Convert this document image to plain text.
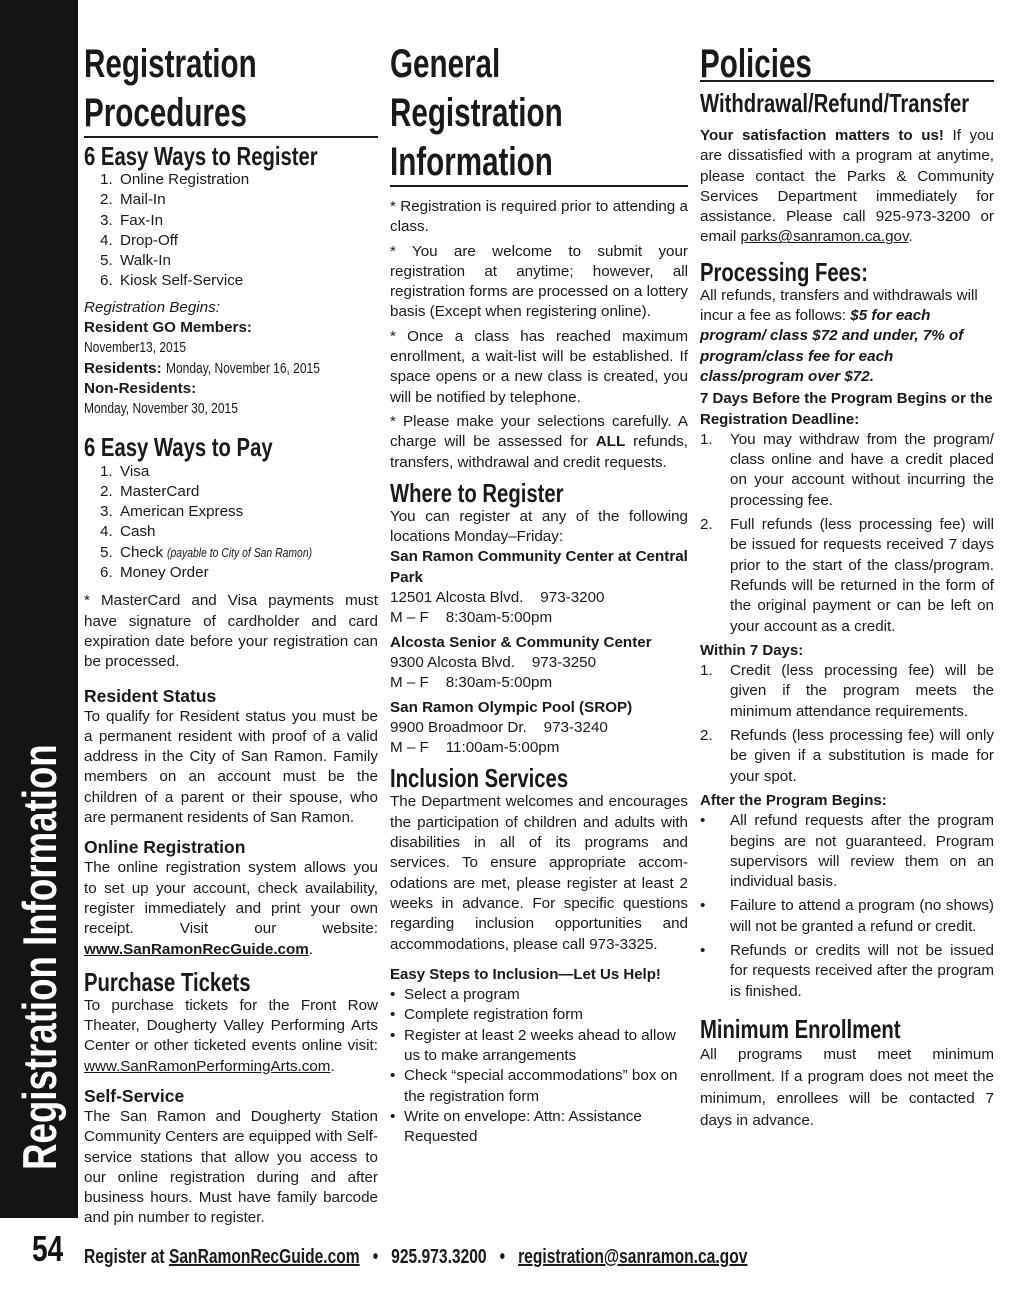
Registration Information
54
Registration
Procedures
6 Easy Ways to Register
1. Online Registration
2. Mail-In
3. Fax-In
4. Drop-Off
5. Walk-In
6. Kiosk Self-Service
Registration Begins:
Resident GO Members: November13, 2015
Residents: Monday, November 16, 2015
Non-Residents: Monday, November 30, 2015
6 Easy Ways to Pay
1. Visa
2. MasterCard
3. American Express
4. Cash
5. Check (payable to City of San Ramon)
6. Money Order

* MasterCard and Visa payments must have signature of cardholder and card expiration date before your registration can be processed.

Resident Status

To qualify for Resident status you must be a permanent resident with proof of a valid address in the City of San Ramon. Family members on an account must be the children of a parent or their spouse, who are permanent residents of San Ramon.

Online Registration

The online registration system allows you to set up your account, check availability, register immediately and print your own receipt. Visit our website: www.SanRamonRecGuide.com.

Purchase Tickets

To purchase tickets for the Front Row Theater, Dougherty Valley Performing Arts Center or other ticketed events online visit: www.SanRamonPerformingArts.com.

Self-Service

The San Ramon and Dougherty Station Community Centers are equipped with Self-service stations that allow you access to our online registration during and after business hours. Must have family barcode and pin number to register.

General
Registration
Information

* Registration is required prior to attending a class.

* You are welcome to submit your registration at anytime; however, all registration forms are processed on a lottery basis (Except when registering online).

* Once a class has reached maximum enrollment, a wait-list will be established. If space opens or a new class is created, you will be notified by telephone.

* Please make your selections carefully. A charge will be assessed for ALL refunds, transfers, withdrawal and credit requests.

Where to Register

You can register at any of the following locations Monday–Friday:

San Ramon Community Center at Central Park
12501 Alcosta Blvd. 973-3200
M – F 8:30am-5:00pm
Alcosta Senior & Community Center
9300 Alcosta Blvd. 973-3250
M – F 8:30am-5:00pm
San Ramon Olympic Pool (SROP)
9900 Broadmoor Dr. 973-3240
M – F 11:00am-5:00pm
Inclusion Services

The Department welcomes and encourages the participation of children and adults with disabilities in all of its programs and services. To ensure appropriate accom-odations are met, please register at least 2 weeks in advance. For specific questions regarding inclusion opportunities and accommodations, please call 973-3325.

Easy Steps to Inclusion—Let Us Help!
• Select a program
• Complete registration form
• Register at least 2 weeks ahead to allow us to make arrangements
• Check “special accommodations” box on the registration form
• Write on envelope: Attn: Assistance Requested
Policies
Withdrawal/Refund/Transfer

Your satisfaction matters to us! If you are dissatisfied with a program at anytime, please contact the Parks & Community Services Department immediately for assistance. Please call 925-973-3200 or email parks@sanramon.ca.gov.

Processing Fees:

All refunds, transfers and withdrawals will incur a fee as follows: $5 for each program/ class $72 and under, 7% of program/class fee for each class/program over $72.

7 Days Before the Program Begins or the Registration Deadline:
1. You may withdraw from the program/ class online and have a credit placed on your account without incurring the processing fee.
2. Full refunds (less processing fee) will be issued for requests received 7 days prior to the start of the class/program. Refunds will be returned in the form of the original payment or can be left on your account as a credit.
Within 7 Days:
1. Credit (less processing fee) will be given if the program meets the minimum attendance requirements.
2. Refunds (less processing fee) will only be given if a substitution is made for your spot.
After the Program Begins:
• All refund requests after the program begins are not guaranteed. Program supervisors will review them on an individual basis.
• Failure to attend a program (no shows) will not be granted a refund or credit.
• Refunds or credits will not be issued for requests received after the program is finished.
Minimum Enrollment

All programs must meet minimum enrollment. If a program does not meet the minimum, enrollees will be contacted 7 days in advance.

Register at SanRamonRecGuide.com • 925.973.3200 • registration@sanramon.ca.gov
